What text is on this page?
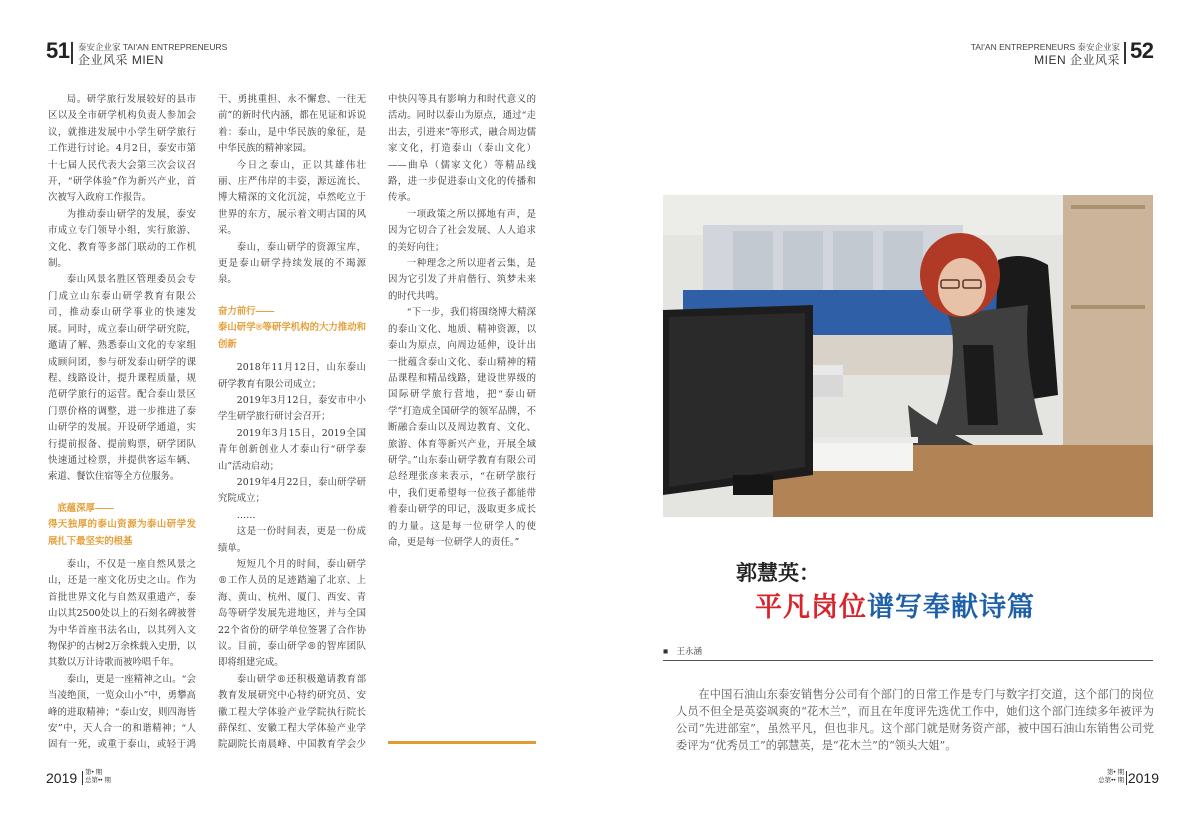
51 泰安企业家 TAI'AN ENTREPRENEURS
企业风采 MIEN
TAI'AN ENTREPRENEURS 泰安企业家
MIEN 企业风采 52

局。研学旅行发展较好的县市区以及全市研学机构负责人参加会议，就推进发展中小学生研学旅行工作进行讨论。4月2日，泰安市第十七届人民代表大会第三次会议召开，“研学体验”作为新兴产业，首次被写入政府工作报告。

为推动泰山研学的发展，泰安市成立专门领导小组，实行旅游、文化、教育等多部门联动的工作机制。

泰山风景名胜区管理委员会专门成立山东泰山研学教育有限公司，推动泰山研学事业的快速发展。同时，成立泰山研学研究院，邀请了解、熟悉泰山文化的专家组成顾问团，参与研发泰山研学的课程、线路设计，提升课程质量，规范研学旅行的运营。配合泰山景区门票价格的调整，进一步推进了泰山研学的发展。开设研学通道，实行提前报备、提前购票，研学团队快速通过检票，并提供客运车辆、索道、餐饮住宿等全方位服务。

底蕴深厚——
得天独厚的泰山资源为泰山研学发展扎下最坚实的根基

泰山，不仅是一座自然风景之山，还是一座文化历史之山。作为首批世界文化与自然双重遗产，泰山以其2500处以上的石刻名碑被誉为中华首座书法名山，以其列入文物保护的古树2万余株载入史册，以其数以万计诗歌而被吟唱千年。

泰山，更是一座精神之山。“会当凌绝顶，一览众山小”中，勇攀高峰的进取精神；“泰山安，则四海皆安”中，天人合一的和谐精神；“人固有一死，或重于泰山，或轻于鸿

干、勇挑重担、永不懈怠、一往无前”的新时代内涵，都在见证和诉说着：泰山，是中华民族的象征，是中华民族的精神家园。

今日之泰山，正以其雄伟壮丽、庄严伟岸的丰姿，源远流长、博大精深的文化沉淀，卓然屹立于世界的东方，展示着文明古国的风采。

泰山，泰山研学的资源宝库，更是泰山研学持续发展的不竭源泉。

奋力前行——
泰山研学®等研学机构的大力推动和创新

2018年11月12日，山东泰山研学教育有限公司成立；

2019年3月12日，泰安市中小学生研学旅行研讨会召开；

2019年3月15日，2019全国青年创新创业人才泰山行“研学泰山”活动启动；

2019年4月22日，泰山研学研究院成立；

……

这是一份时间表，更是一份成绩单。

短短几个月的时间，泰山研学®工作人员的足迹踏遍了北京、上海、黄山、杭州、厦门、西安、青岛等研学发展先进地区，并与全国22个省份的研学单位签署了合作协议。目前，泰山研学®的智库团队即将组建完成。

泰山研学®还积极邀请教育部教育发展研究中心特约研究员、安徽工程大学体验产业学院执行院长薛保红、安徽工程大学体验产业学院副院长南晨峰、中国教育学会少

中快闪等具有影响力和时代意义的活动。同时以泰山为原点，通过“走出去，引进来”等形式，融合周边儒家文化，打造泰山（泰山文化）——曲阜（儒家文化）等精品线路，进一步促进泰山文化的传播和传承。

一项政策之所以掷地有声，是因为它切合了社会发展、人人追求的美好向往；

一种理念之所以迎者云集，是因为它引发了并肩偕行、筑梦未来的时代共鸣。

“下一步，我们将围绕博大精深的泰山文化、地质、精神资源，以泰山为原点，向周边延伸，设计出一批蕴含泰山文化、泰山精神的精品课程和精品线路，建设世界级的国际研学旅行营地，把“泰山研学”打造成全国研学的领军品牌，不断融合泰山以及周边教育、文化、旅游、体育等新兴产业，开展全域研学。”山东泰山研学教育有限公司总经理张彦来表示，“在研学旅行中，我们更希望每一位孩子都能带着泰山研学的印记，汲取更多成长的力量。这是每一位研学人的使命，更是每一位研学人的责任。”

郭慧英：
平凡岗位谱写奉献诗篇
■ 王永涵

在中国石油山东泰安销售分公司有个部门的日常工作是专门与数字打交道，这个部门的岗位人员不但全是英姿飒爽的“花木兰”，而且在年度评先选优工作中，她们这个部门连续多年被评为公司“先进部室”，虽然平凡，但也非凡。这个部门就是财务资产部，被中国石油山东销售公司党委评为“优秀员工”的郭慧英，是“花木兰”的“领头大姐”。

2019 第• 期
总第•• 期
第• 期
总第•• 期 2019
